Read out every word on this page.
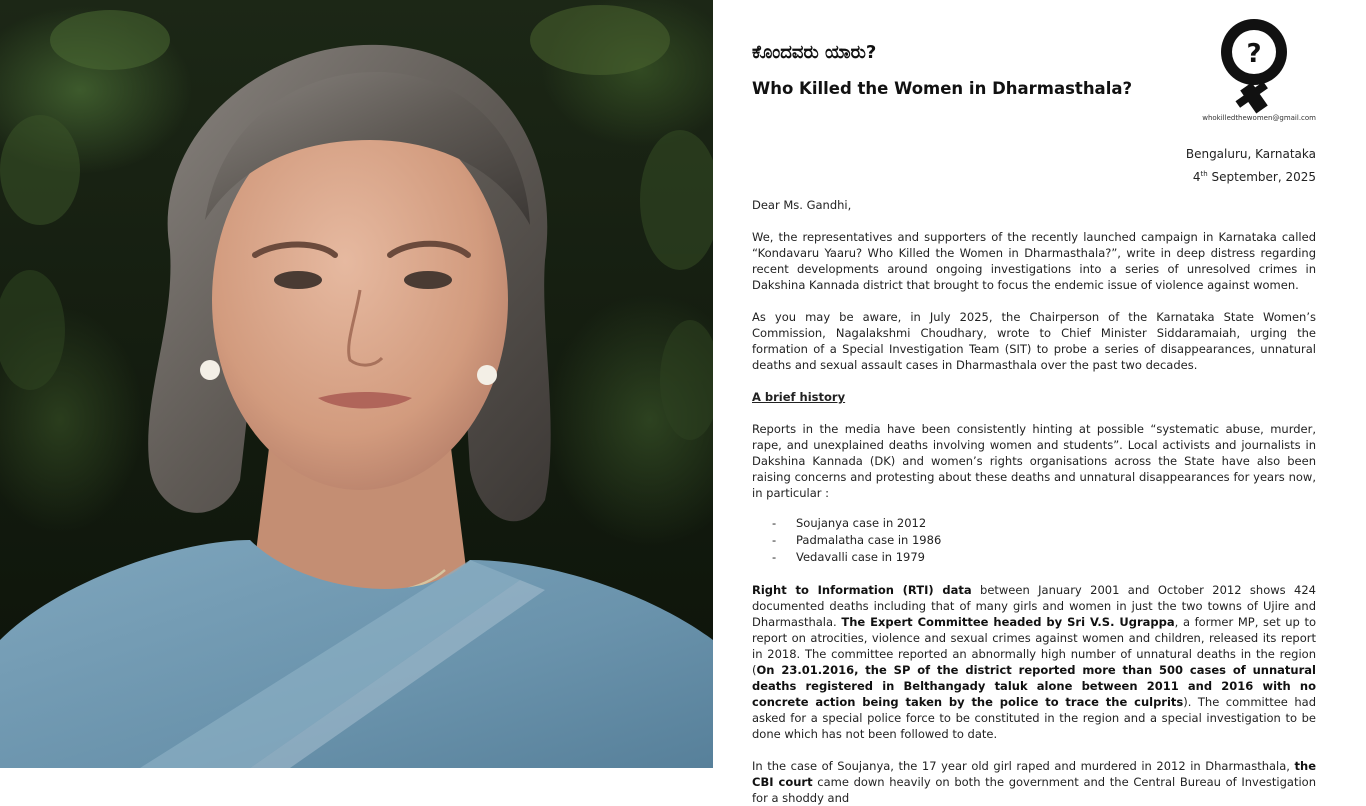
ಕೊಂದವರು ಯಾರು?
Who Killed the Women in Dharmasthala?
?
whokilledthewomen@gmail.com
Bengaluru, Karnataka
4th September, 2025

Dear Ms. Gandhi,

We, the representatives and supporters of the recently launched campaign in Karnataka called “Kondavaru Yaaru? Who Killed the Women in Dharmasthala?”, write in deep distress regarding recent developments around ongoing investigations into a series of unresolved crimes in Dakshina Kannada district that brought to focus the endemic issue of violence against women.

As you may be aware, in July 2025, the Chairperson of the Karnataka State Women’s Commission, Nagalakshmi Choudhary, wrote to Chief Minister Siddaramaiah, urging the formation of a Special Investigation Team (SIT) to probe a series of disappearances, unnatural deaths and sexual assault cases in Dharmasthala over the past two decades.

A brief history

Reports in the media have been consistently hinting at possible “systematic abuse, murder, rape, and unexplained deaths involving women and students”. Local activists and journalists in Dakshina Kannada (DK) and women’s rights organisations across the State have also been raising concerns and protesting about these deaths and unnatural disappearances for years now, in particular :

- Soujanya case in 2012
- Padmalatha case in 1986
- Vedavalli case in 1979

Right to Information (RTI) data between January 2001 and October 2012 shows 424 documented deaths including that of many girls and women in just the two towns of Ujire and Dharmasthala. The Expert Committee headed by Sri V.S. Ugrappa, a former MP, set up to report on atrocities, violence and sexual crimes against women and children, released its report in 2018. The committee reported an abnormally high number of unnatural deaths in the region (On 23.01.2016, the SP of the district reported more than 500 cases of unnatural deaths registered in Belthangady taluk alone between 2011 and 2016 with no concrete action being taken by the police to trace the culprits). The committee had asked for a special police force to be constituted in the region and a special investigation to be done which has not been followed to date.

In the case of Soujanya, the 17 year old girl raped and murdered in 2012 in Dharmasthala, the CBI court came down heavily on both the government and the Central Bureau of Investigation for a shoddy and
